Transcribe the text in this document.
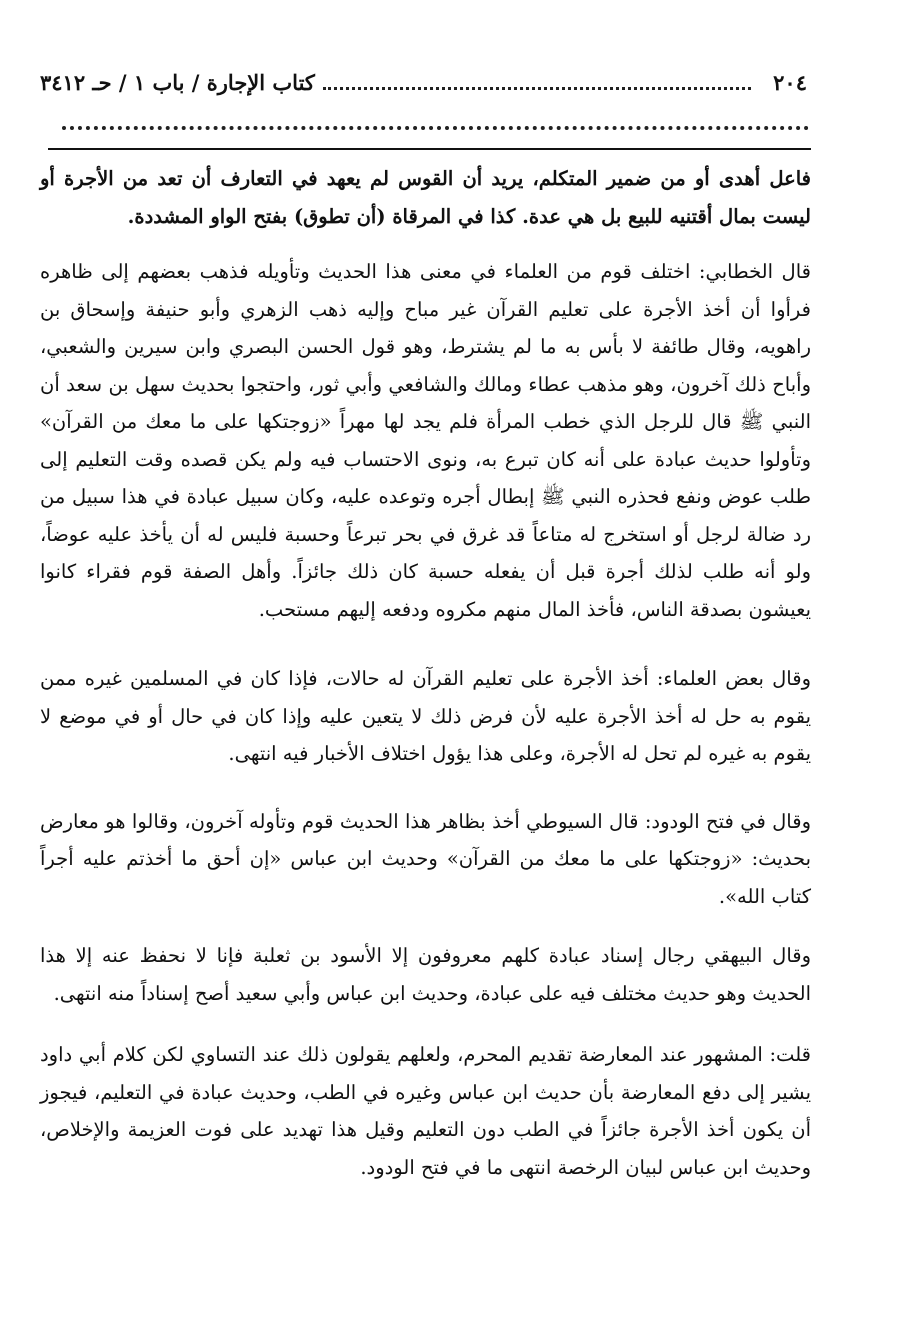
٢٠٤
كتاب الإجارة / باب ١ / حـ ٣٤١٢

فاعل أهدى أو من ضمير المتكلم، يريد أن القوس لم يعهد في التعارف أن تعد من الأجرة أو ليست بمال أقتنيه للبيع بل هي عدة. كذا في المرقاة (أن تطوق) بفتح الواو المشددة.

قال الخطابي: اختلف قوم من العلماء في معنى هذا الحديث وتأويله فذهب بعضهم إلى ظاهره فرأوا أن أخذ الأجرة على تعليم القرآن غير مباح وإليه ذهب الزهري وأبو حنيفة وإسحاق بن راهويه، وقال طائفة لا بأس به ما لم يشترط، وهو قول الحسن البصري وابن سيرين والشعبي، وأباح ذلك آخرون، وهو مذهب عطاء ومالك والشافعي وأبي ثور، واحتجوا بحديث سهل بن سعد أن النبي ﷺ قال للرجل الذي خطب المرأة فلم يجد لها مهراً «زوجتكها على ما معك من القرآن» وتأولوا حديث عبادة على أنه كان تبرع به، ونوى الاحتساب فيه ولم يكن قصده وقت التعليم إلى طلب عوض ونفع فحذره النبي ﷺ إبطال أجره وتوعده عليه، وكان سبيل عبادة في هذا سبيل من رد ضالة لرجل أو استخرج له متاعاً قد غرق في بحر تبرعاً وحسبة فليس له أن يأخذ عليه عوضاً، ولو أنه طلب لذلك أجرة قبل أن يفعله حسبة كان ذلك جائزاً. وأهل الصفة قوم فقراء كانوا يعيشون بصدقة الناس، فأخذ المال منهم مكروه ودفعه إليهم مستحب.

وقال بعض العلماء: أخذ الأجرة على تعليم القرآن له حالات، فإذا كان في المسلمين غيره ممن يقوم به حل له أخذ الأجرة عليه لأن فرض ذلك لا يتعين عليه وإذا كان في حال أو في موضع لا يقوم به غيره لم تحل له الأجرة، وعلى هذا يؤول اختلاف الأخبار فيه انتهى.

وقال في فتح الودود: قال السيوطي أخذ بظاهر هذا الحديث قوم وتأوله آخرون، وقالوا هو معارض بحديث: «زوجتكها على ما معك من القرآن» وحديث ابن عباس «إن أحق ما أخذتم عليه أجراً كتاب الله».

وقال البيهقي رجال إسناد عبادة كلهم معروفون إلا الأسود بن ثعلبة فإنا لا نحفظ عنه إلا هذا الحديث وهو حديث مختلف فيه على عبادة، وحديث ابن عباس وأبي سعيد أصح إسناداً منه انتهى.

قلت: المشهور عند المعارضة تقديم المحرم، ولعلهم يقولون ذلك عند التساوي لكن كلام أبي داود يشير إلى دفع المعارضة بأن حديث ابن عباس وغيره في الطب، وحديث عبادة في التعليم، فيجوز أن يكون أخذ الأجرة جائزاً في الطب دون التعليم وقيل هذا تهديد على فوت العزيمة والإخلاص، وحديث ابن عباس لبيان الرخصة انتهى ما في فتح الودود.
